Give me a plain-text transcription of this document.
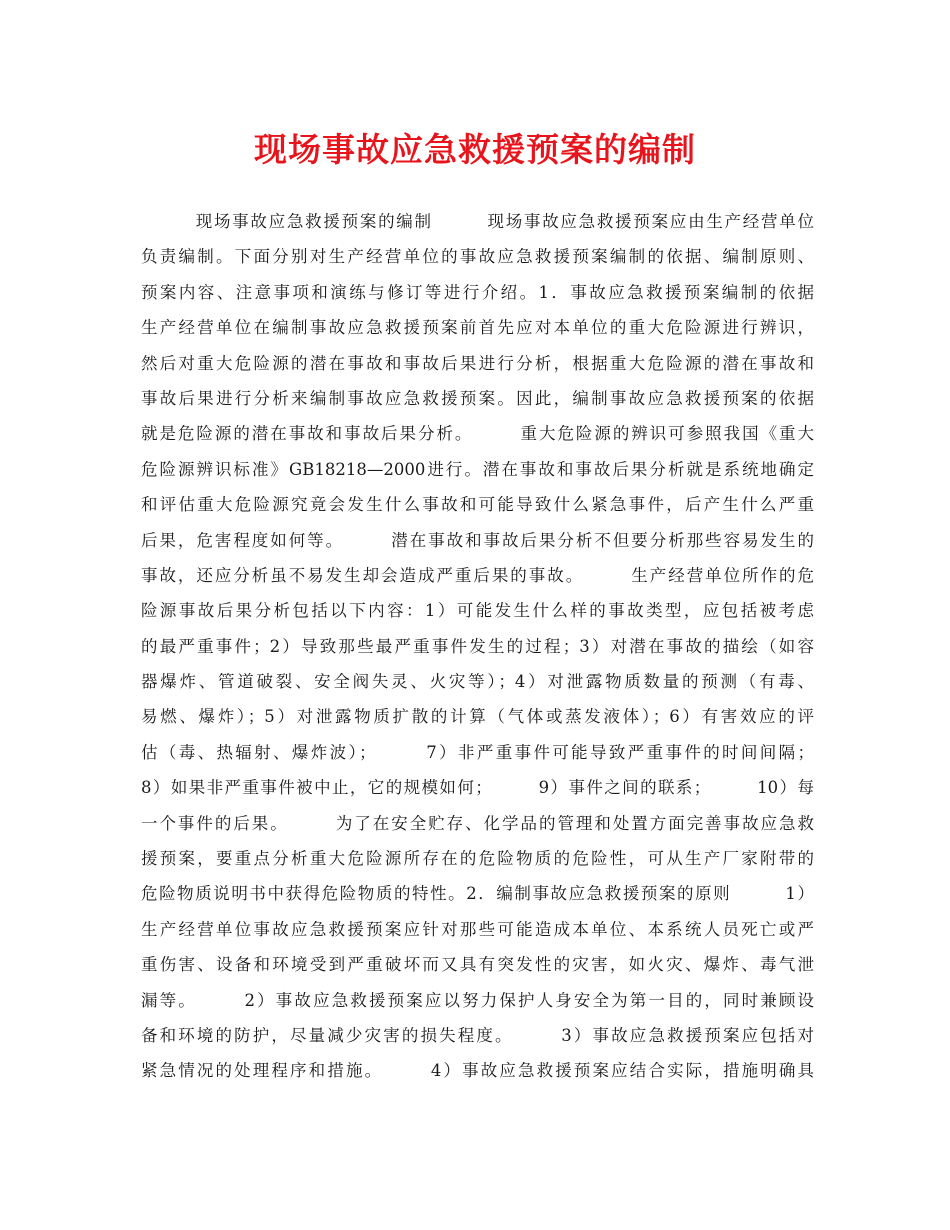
现场事故应急救援预案的编制
　　　现场事故应急救援预案的编制　　　现场事故应急救援预案应由生产经营单位
负责编制。下面分别对生产经营单位的事故应急救援预案编制的依据、编制原则、
预案内容、注意事项和演练与修订等进行介绍。1．事故应急救援预案编制的依据
生产经营单位在编制事故应急救援预案前首先应对本单位的重大危险源进行辨识，
然后对重大危险源的潜在事故和事故后果进行分析，根据重大危险源的潜在事故和
事故后果进行分析来编制事故应急救援预案。因此，编制事故应急救援预案的依据
就是危险源的潜在事故和事故后果分析。　　　重大危险源的辨识可参照我国《重大
危险源辨识标准》GB18218—2000进行。潜在事故和事故后果分析就是系统地确定
和评估重大危险源究竟会发生什么事故和可能导致什么紧急事件，后产生什么严重
后果，危害程度如何等。　　　潜在事故和事故后果分析不但要分析那些容易发生的
事故，还应分析虽不易发生却会造成严重后果的事故。　　　生产经营单位所作的危
险源事故后果分析包括以下内容：1）可能发生什么样的事故类型，应包括被考虑
的最严重事件；2）导致那些最严重事件发生的过程；3）对潜在事故的描绘（如容
器爆炸、管道破裂、安全阀失灵、火灾等）；4）对泄露物质数量的预测（有毒、
易燃、爆炸）；5）对泄露物质扩散的计算（气体或蒸发液体）；6）有害效应的评
估（毒、热辐射、爆炸波）；　　　7）非严重事件可能导致严重事件的时间间隔；
8）如果非严重事件被中止，它的规模如何；　　　9）事件之间的联系；　　　10）每
一个事件的后果。　　　为了在安全贮存、化学品的管理和处置方面完善事故应急救
援预案，要重点分析重大危险源所存在的危险物质的危险性，可从生产厂家附带的
危险物质说明书中获得危险物质的特性。2．编制事故应急救援预案的原则　　　1）
生产经营单位事故应急救援预案应针对那些可能造成本单位、本系统人员死亡或严
重伤害、设备和环境受到严重破坏而又具有突发性的灾害，如火灾、爆炸、毒气泄
漏等。　　　2）事故应急救援预案应以努力保护人身安全为第一目的，同时兼顾设
备和环境的防护，尽量减少灾害的损失程度。　　　3）事故应急救援预案应包括对
紧急情况的处理程序和措施。　　　4）事故应急救援预案应结合实际，措施明确具
